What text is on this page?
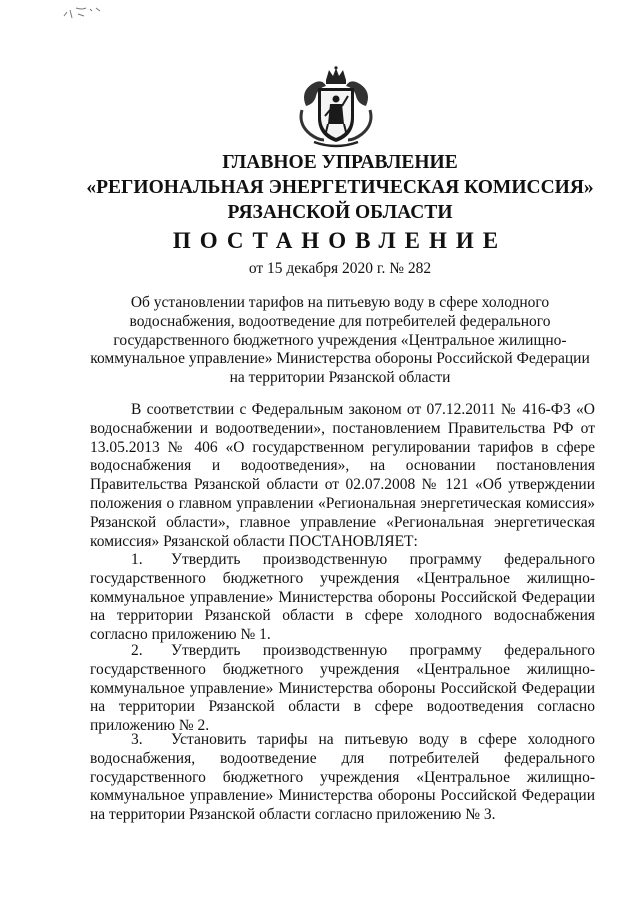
ГЛАВНОЕ УПРАВЛЕНИЕ
«РЕГИОНАЛЬНАЯ ЭНЕРГЕТИЧЕСКАЯ КОМИССИЯ»
РЯЗАНСКОЙ ОБЛАСТИ
ПОСТАНОВЛЕНИЕ
от 15 декабря 2020 г. № 282
Об установлении тарифов на питьевую воду в сфере холодного водоснабжения, водоотведение для потребителей федерального государственного бюджетного учреждения «Центральное жилищно-коммунальное управление» Министерства обороны Российской Федерации на территории Рязанской области

В соответствии с Федеральным законом от 07.12.2011 № 416-ФЗ «О водоснабжении и водоотведении», постановлением Правительства РФ от 13.05.2013 № 406 «О государственном регулировании тарифов в сфере водоснабжения и водоотведения», на основании постановления Правительства Рязанской области от 02.07.2008 № 121 «Об утверждении положения о главном управлении «Региональная энергетическая комиссия» Рязанской области», главное управление «Региональная энергетическая комиссия» Рязанской области ПОСТАНОВЛЯЕТ:

1. Утвердить производственную программу федерального государственного бюджетного учреждения «Центральное жилищно-коммунальное управление» Министерства обороны Российской Федерации на территории Рязанской области в сфере холодного водоснабжения согласно приложению № 1.

2. Утвердить производственную программу федерального государственного бюджетного учреждения «Центральное жилищно-коммунальное управление» Министерства обороны Российской Федерации на территории Рязанской области в сфере водоотведения согласно приложению № 2.

3. Установить тарифы на питьевую воду в сфере холодного водоснабжения, водоотведение для потребителей федерального государственного бюджетного учреждения «Центральное жилищно-коммунальное управление» Министерства обороны Российской Федерации на территории Рязанской области согласно приложению № 3.
